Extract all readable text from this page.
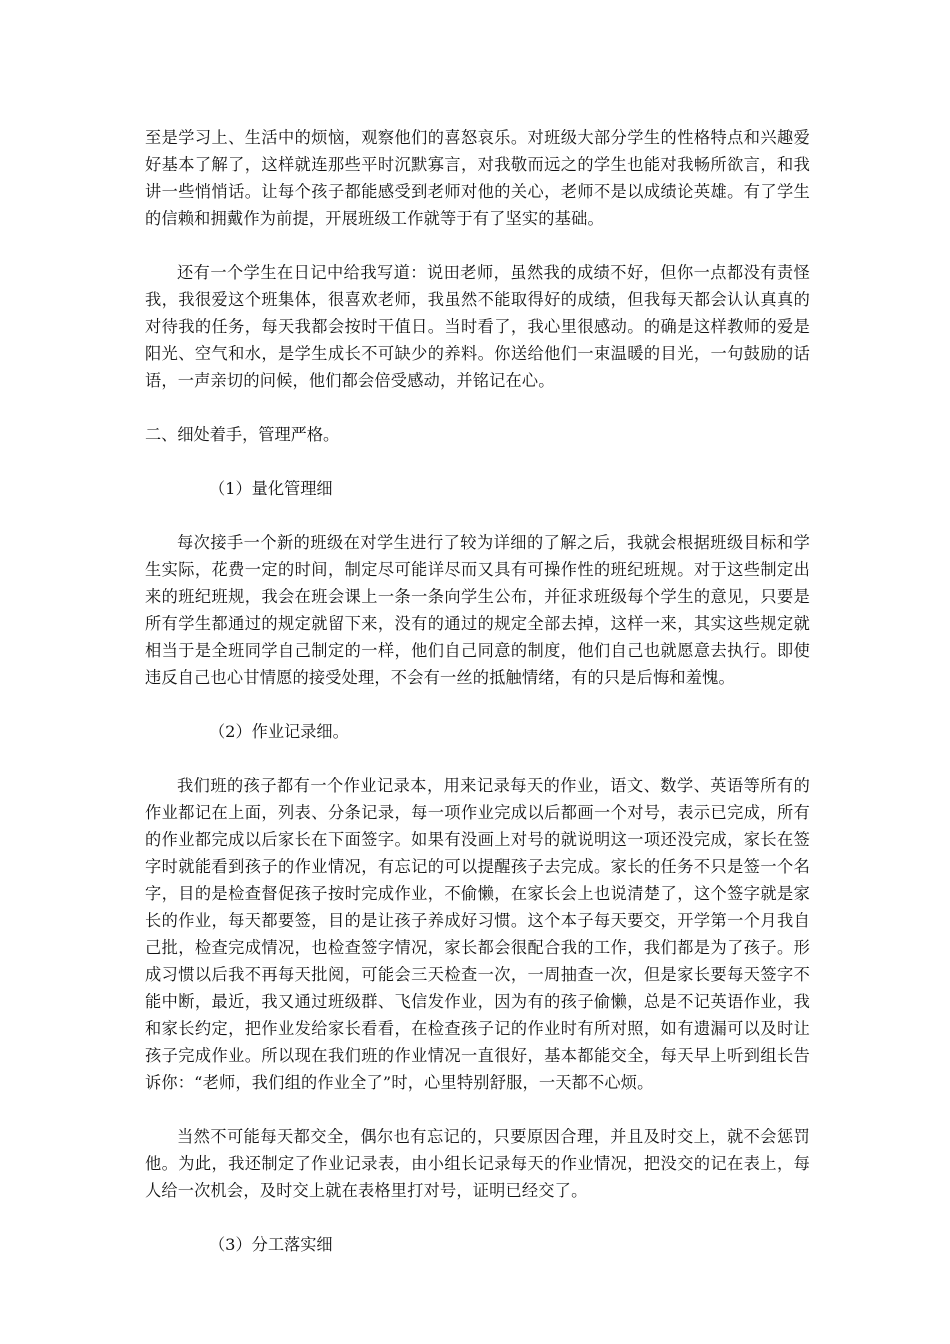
至是学习上、生活中的烦恼，观察他们的喜怒哀乐。对班级大部分学生的性格特点和兴趣爱好基本了解了，这样就连那些平时沉默寡言，对我敬而远之的学生也能对我畅所欲言，和我讲一些悄悄话。让每个孩子都能感受到老师对他的关心，老师不是以成绩论英雄。有了学生的信赖和拥戴作为前提，开展班级工作就等于有了坚实的基础。

还有一个学生在日记中给我写道：说田老师，虽然我的成绩不好，但你一点都没有责怪我，我很爱这个班集体，很喜欢老师，我虽然不能取得好的成绩，但我每天都会认认真真的对待我的任务，每天我都会按时干值日。当时看了，我心里很感动。的确是这样教师的爱是阳光、空气和水，是学生成长不可缺少的养料。你送给他们一束温暖的目光，一句鼓励的话语，一声亲切的问候，他们都会倍受感动，并铭记在心。

二、细处着手，管理严格。

（1）量化管理细

每次接手一个新的班级在对学生进行了较为详细的了解之后，我就会根据班级目标和学生实际，花费一定的时间，制定尽可能详尽而又具有可操作性的班纪班规。对于这些制定出来的班纪班规，我会在班会课上一条一条向学生公布，并征求班级每个学生的意见，只要是所有学生都通过的规定就留下来，没有的通过的规定全部去掉，这样一来，其实这些规定就相当于是全班同学自己制定的一样，他们自己同意的制度，他们自己也就愿意去执行。即使违反自己也心甘情愿的接受处理，不会有一丝的抵触情绪，有的只是后悔和羞愧。

（2）作业记录细。

我们班的孩子都有一个作业记录本，用来记录每天的作业，语文、数学、英语等所有的作业都记在上面，列表、分条记录，每一项作业完成以后都画一个对号，表示已完成，所有的作业都完成以后家长在下面签字。如果有没画上对号的就说明这一项还没完成，家长在签字时就能看到孩子的作业情况，有忘记的可以提醒孩子去完成。家长的任务不只是签一个名字，目的是检查督促孩子按时完成作业，不偷懒，在家长会上也说清楚了，这个签字就是家长的作业，每天都要签，目的是让孩子养成好习惯。这个本子每天要交，开学第一个月我自己批，检查完成情况，也检查签字情况，家长都会很配合我的工作，我们都是为了孩子。形成习惯以后我不再每天批阅，可能会三天检查一次，一周抽查一次，但是家长要每天签字不能中断，最近，我又通过班级群、飞信发作业，因为有的孩子偷懒，总是不记英语作业，我和家长约定，把作业发给家长看看，在检查孩子记的作业时有所对照，如有遗漏可以及时让孩子完成作业。所以现在我们班的作业情况一直很好，基本都能交全，每天早上听到组长告诉你：“老师，我们组的作业全了”时，心里特别舒服，一天都不心烦。

当然不可能每天都交全，偶尔也有忘记的，只要原因合理，并且及时交上，就不会惩罚他。为此，我还制定了作业记录表，由小组长记录每天的作业情况，把没交的记在表上，每人给一次机会，及时交上就在表格里打对号，证明已经交了。

（3）分工落实细
